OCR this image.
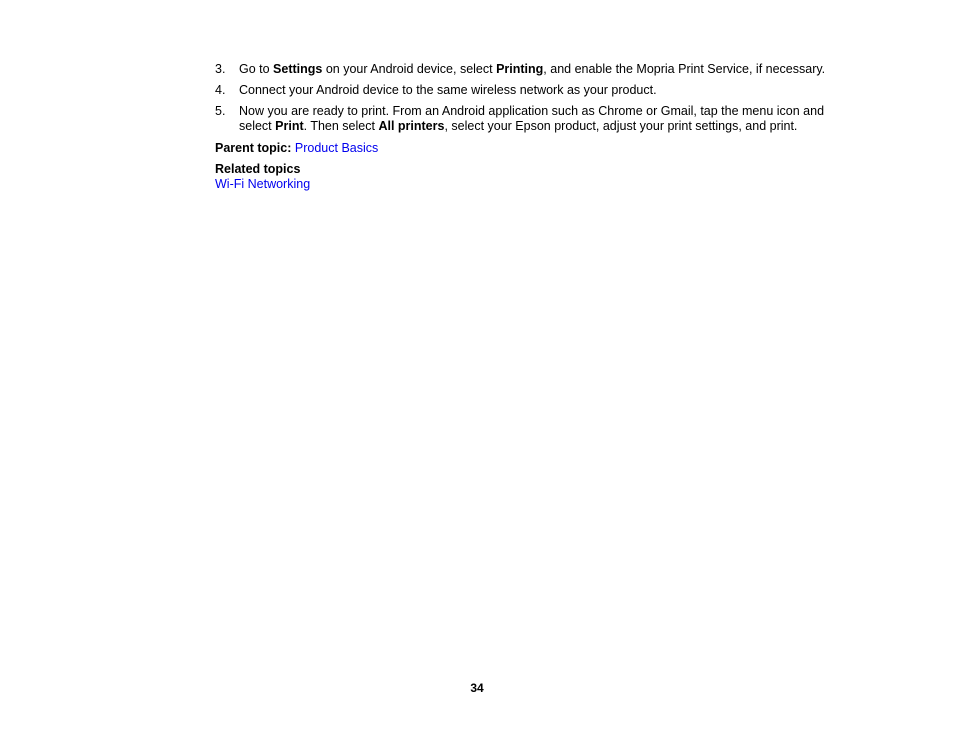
3. Go to Settings on your Android device, select Printing, and enable the Mopria Print Service, if necessary.
4. Connect your Android device to the same wireless network as your product.
5. Now you are ready to print. From an Android application such as Chrome or Gmail, tap the menu icon and select Print. Then select All printers, select your Epson product, adjust your print settings, and print.
Parent topic: Product Basics
Related topics
Wi-Fi Networking
34
